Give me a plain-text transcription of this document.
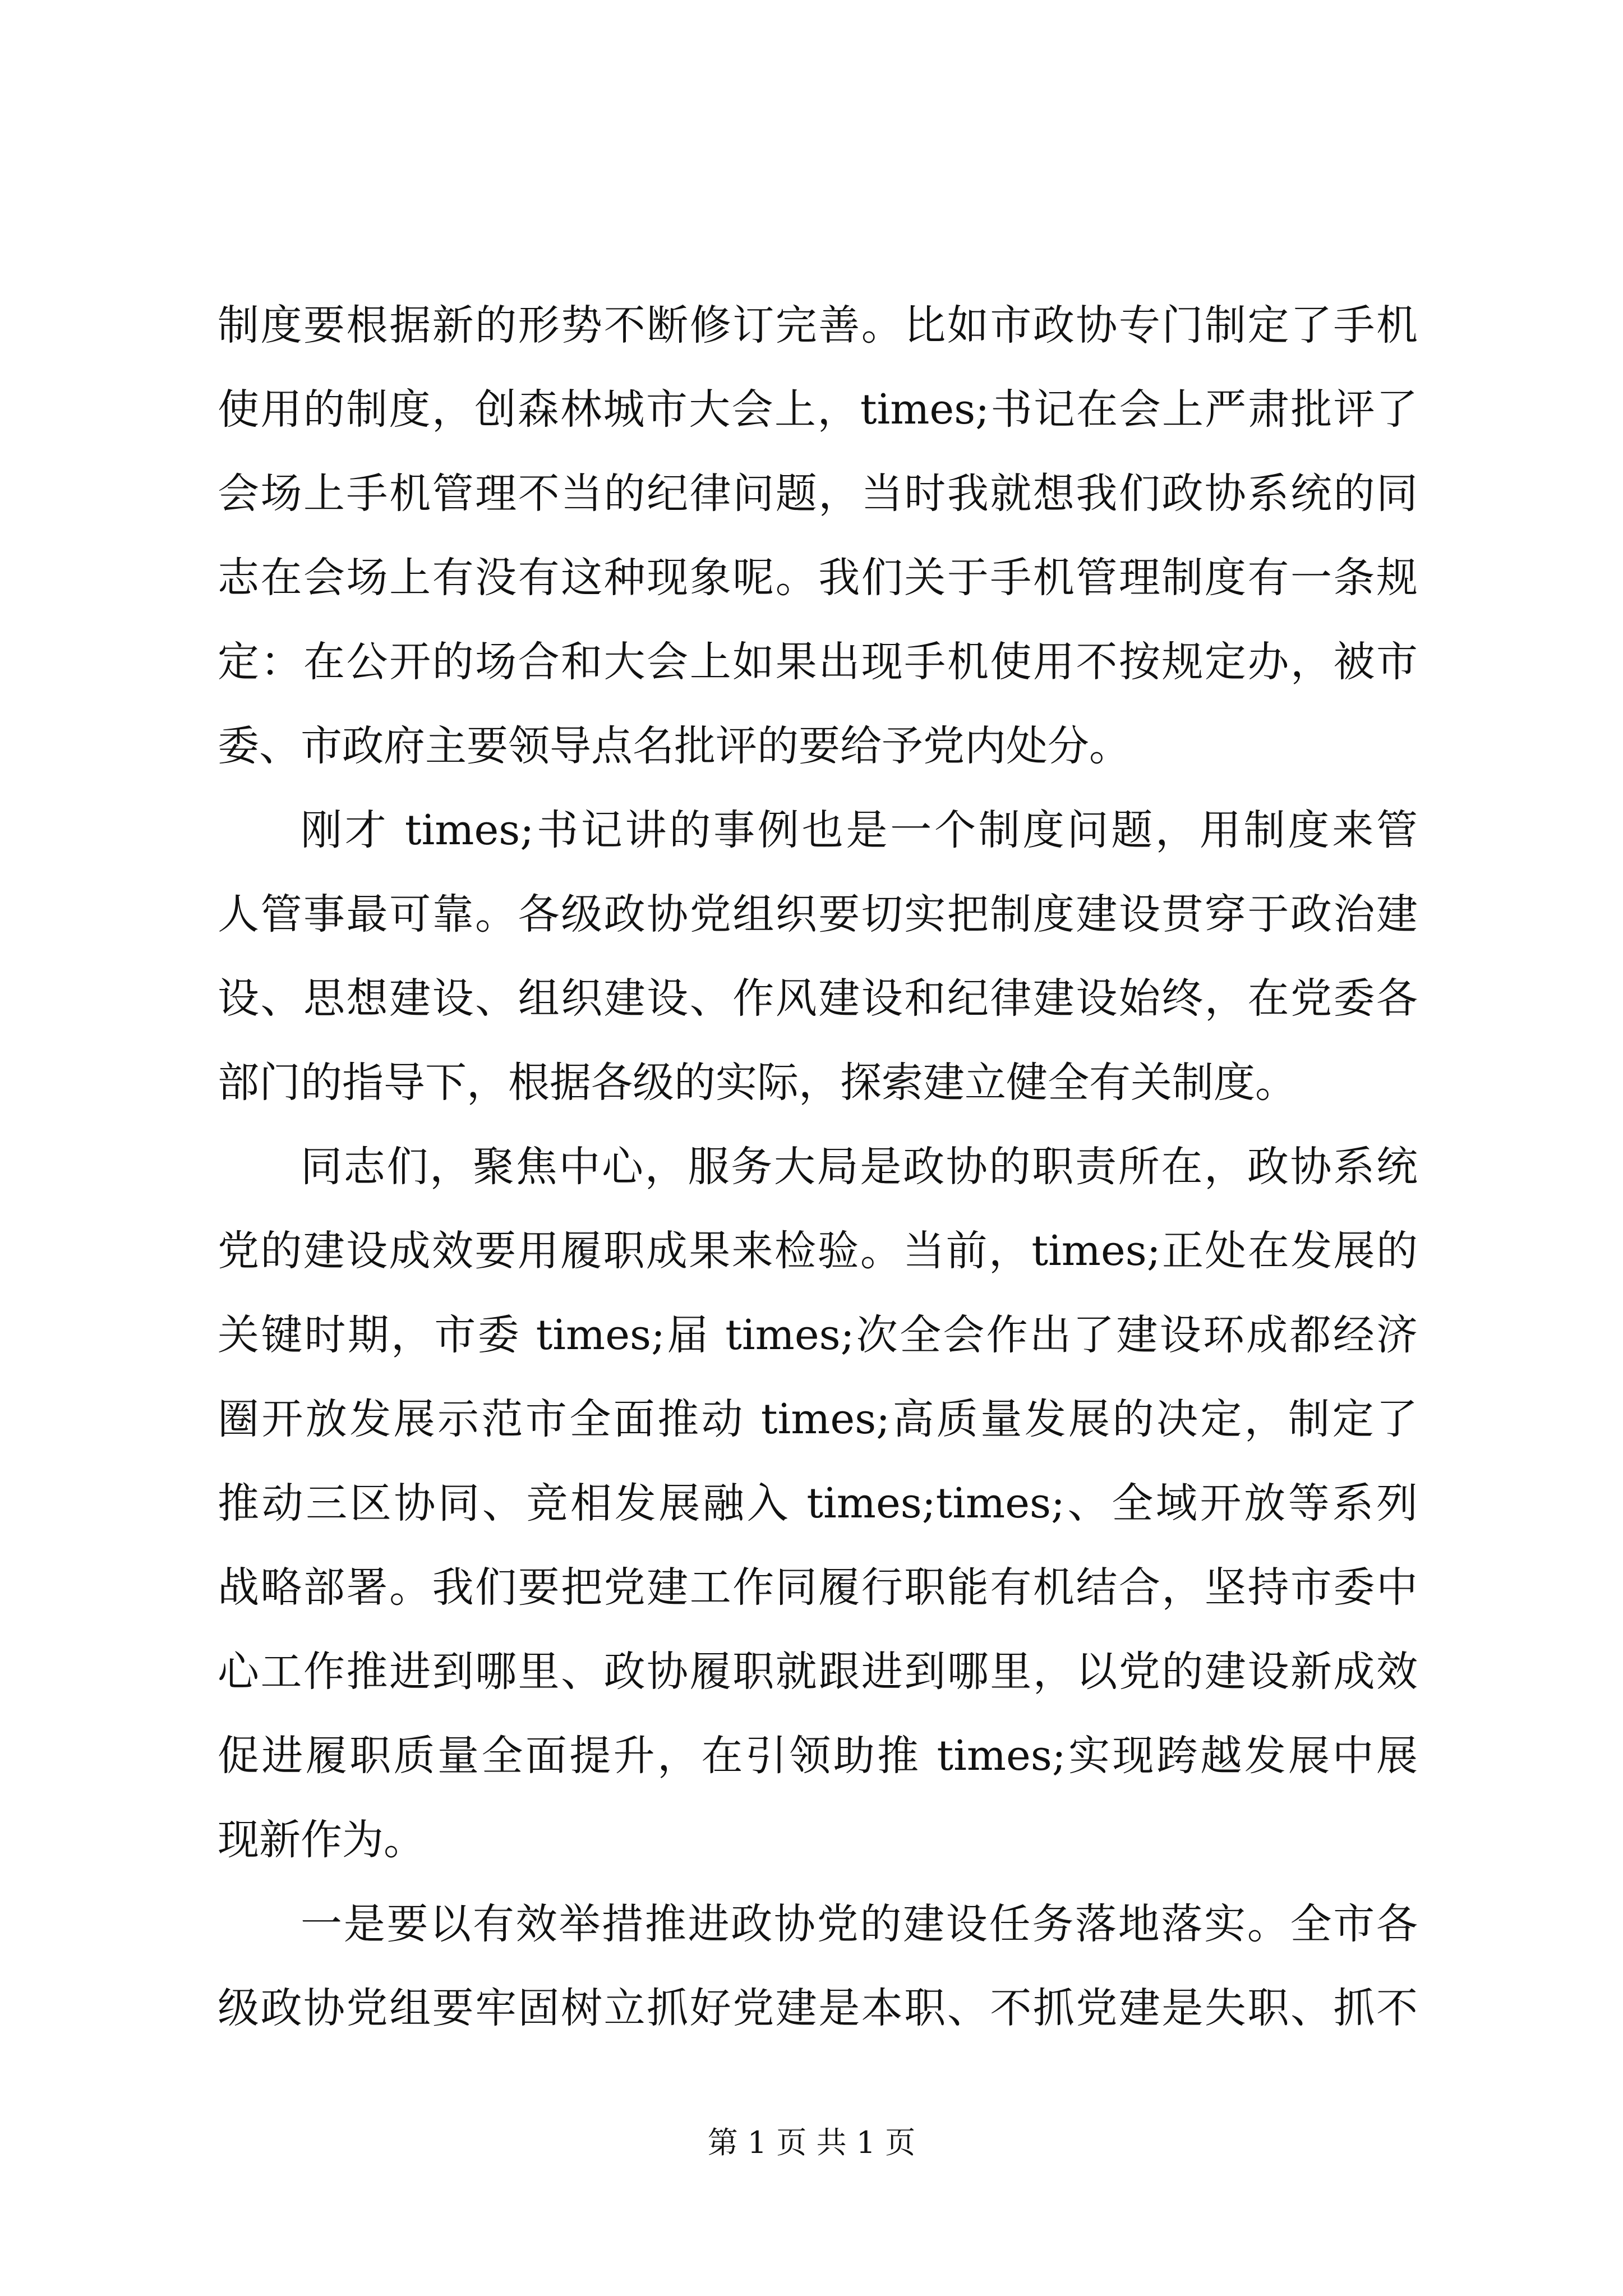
制度要根据新的形势不断修订完善。比如市政协专门制定了手机
使用的制度，创森林城市大会上，times;书记在会上严肃批评了
会场上手机管理不当的纪律问题，当时我就想我们政协系统的同
志在会场上有没有这种现象呢。我们关于手机管理制度有一条规
定：在公开的场合和大会上如果出现手机使用不按规定办，被市
委、市政府主要领导点名批评的要给予党内处分。
刚才 times;书记讲的事例也是一个制度问题，用制度来管
人管事最可靠。各级政协党组织要切实把制度建设贯穿于政治建
设、思想建设、组织建设、作风建设和纪律建设始终，在党委各
部门的指导下，根据各级的实际，探索建立健全有关制度。
同志们，聚焦中心，服务大局是政协的职责所在，政协系统
党的建设成效要用履职成果来检验。当前，times;正处在发展的
关键时期，市委 times;届 times;次全会作出了建设环成都经济
圈开放发展示范市全面推动 times;高质量发展的决定，制定了
推动三区协同、竞相发展融入 times;times;、全域开放等系列
战略部署。我们要把党建工作同履行职能有机结合，坚持市委中
心工作推进到哪里、政协履职就跟进到哪里，以党的建设新成效
促进履职质量全面提升，在引领助推 times;实现跨越发展中展
现新作为。
一是要以有效举措推进政协党的建设任务落地落实。全市各
级政协党组要牢固树立抓好党建是本职、不抓党建是失职、抓不
第 1 页 共 1 页
